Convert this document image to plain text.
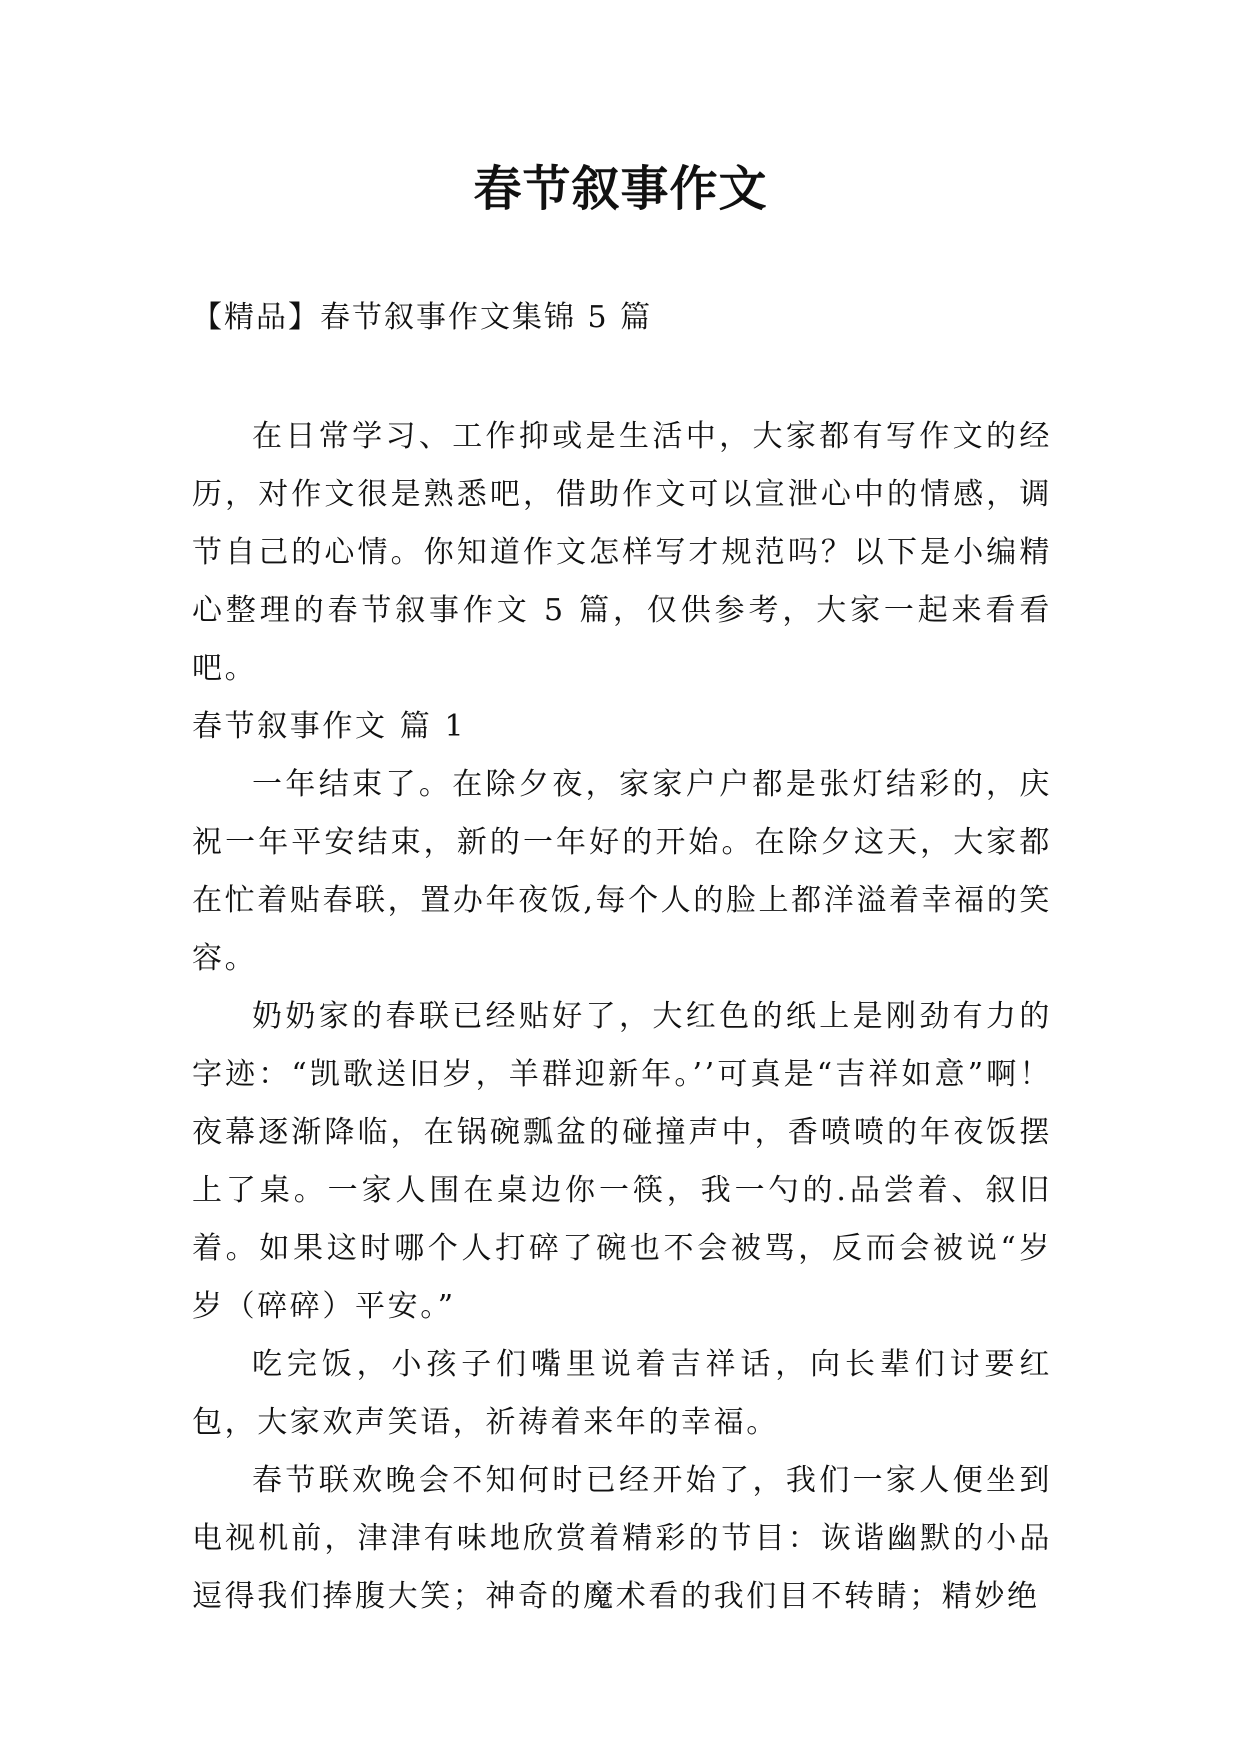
春节叙事作文
【精品】春节叙事作文集锦 5 篇

在日常学习、工作抑或是生活中，大家都有写作文的经历，对作文很是熟悉吧，借助作文可以宣泄心中的情感，调节自己的心情。你知道作文怎样写才规范吗？以下是小编精心整理的春节叙事作文 5 篇，仅供参考，大家一起来看看吧。

春节叙事作文 篇 1

一年结束了。在除夕夜，家家户户都是张灯结彩的，庆祝一年平安结束，新的一年好的开始。在除夕这天，大家都在忙着贴春联，置办年夜饭,每个人的脸上都洋溢着幸福的笑容。

奶奶家的春联已经贴好了，大红色的纸上是刚劲有力的字迹：“凯歌送旧岁，羊群迎新年。’’可真是“吉祥如意”啊！夜幕逐渐降临，在锅碗瓢盆的碰撞声中，香喷喷的年夜饭摆上了桌。一家人围在桌边你一筷，我一勺的.品尝着、叙旧着。如果这时哪个人打碎了碗也不会被骂，反而会被说“岁岁（碎碎）平安。”

吃完饭，小孩子们嘴里说着吉祥话，向长辈们讨要红包，大家欢声笑语，祈祷着来年的幸福。

春节联欢晚会不知何时已经开始了，我们一家人便坐到电视机前，津津有味地欣赏着精彩的节目：诙谐幽默的小品逗得我们捧腹大笑；神奇的魔术看的我们目不转睛；精妙绝
